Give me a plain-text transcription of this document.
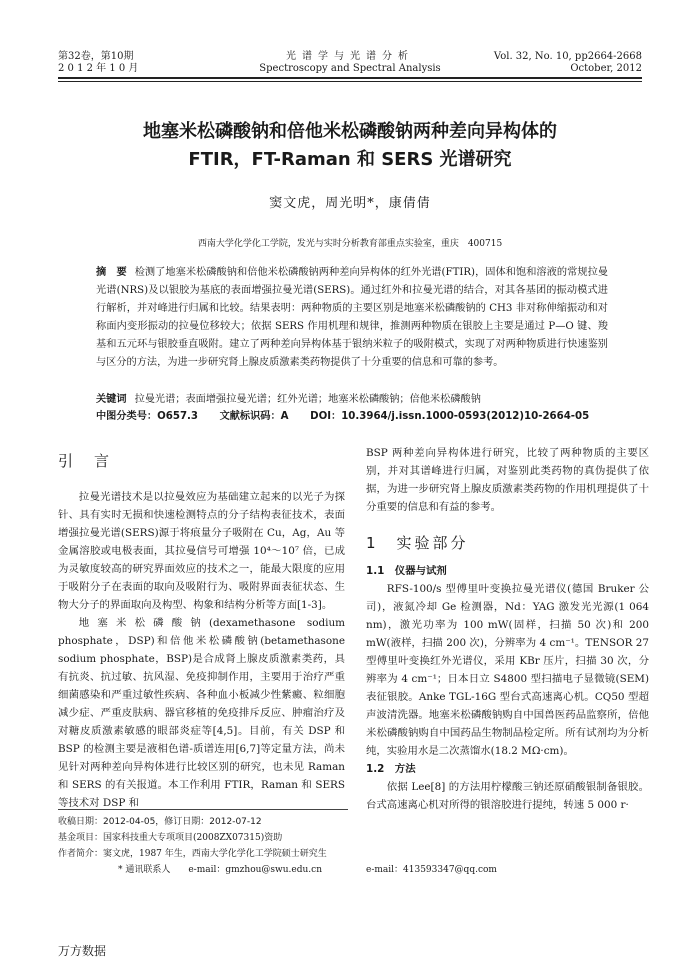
第32卷，第10期
2 0 1 2 年 1 0 月
光谱学与光谱分析
Spectroscopy and Spectral Analysis
Vol. 32, No. 10, pp2664-2668
October, 2012
地塞米松磷酸钠和倍他米松磷酸钠两种差向异构体的
FTIR，FT-Raman 和 SERS 光谱研究
窦文虎，周光明*，康倩倩
西南大学化学化工学院，发光与实时分析教育部重点实验室，重庆　400715
摘　要 检测了地塞米松磷酸钠和倍他米松磷酸钠两种差向异构体的红外光谱(FTIR)，固体和饱和溶液的常规拉曼光谱(NRS)及以银胶为基底的表面增强拉曼光谱(SERS)。通过红外和拉曼光谱的结合，对其各基团的振动模式进行解析，并对峰进行归属和比较。结果表明：两种物质的主要区别是地塞米松磷酸钠的 CH3 非对称伸缩振动和对称面内变形振动的拉曼位移较大；依据 SERS 作用机理和规律，推测两种物质在银胶上主要是通过 P—O 键、羧基和五元环与银胶垂直吸附。建立了两种差向异构体基于银纳米粒子的吸附模式，实现了对两种物质进行快速鉴别与区分的方法，为进一步研究肾上腺皮质激素类药物提供了十分重要的信息和可靠的参考。
关键词 拉曼光谱；表面增强拉曼光谱；红外光谱；地塞米松磷酸钠；倍他米松磷酸钠
中图分类号：O657.3 文献标识码：A DOI：10.3964/j.issn.1000-0593(2012)10-2664-05
引　言

拉曼光谱技术是以拉曼效应为基础建立起来的以光子为探针、具有实时无损和快速检测特点的分子结构表征技术，表面增强拉曼光谱(SERS)源于将痕量分子吸附在 Cu，Ag，Au 等金属溶胶或电极表面，其拉曼信号可增强 10⁴～10⁷ 倍，已成为灵敏度较高的研究界面效应的技术之一，能最大限度的应用于吸附分子在表面的取向及吸附行为、吸附界面表征状态、生物大分子的界面取向及构型、构象和结构分析等方面[1-3]。

地塞米松磷酸钠(dexamethasone sodium phosphate，DSP)和倍他米松磷酸钠(betamethasone sodium phosphate，BSP)是合成肾上腺皮质激素类药，具有抗炎、抗过敏、抗风湿、免疫抑制作用，主要用于治疗严重细菌感染和严重过敏性疾病、各种血小板减少性紫癜、粒细胞减少症、严重皮肤病、器官移植的免疫排斥反应、肿瘤治疗及对糖皮质激素敏感的眼部炎症等[4,5]。目前，有关 DSP 和 BSP 的检测主要是液相色谱-质谱连用[6,7]等定量方法，尚未见针对两种差向异构体进行比较区别的研究，也未见 Raman 和 SERS 的有关报道。本工作利用 FTIR，Raman 和 SERS 等技术对 DSP 和

BSP 两种差向异构体进行研究，比较了两种物质的主要区别，并对其谱峰进行归属，对鉴别此类药物的真伪提供了依据，为进一步研究肾上腺皮质激素类药物的作用机理提供了十分重要的信息和有益的参考。

1　实验部分
1.1　仪器与试剂

RFS-100/s 型傅里叶变换拉曼光谱仪(德国 Bruker 公司)，液氮冷却 Ge 检测器，Nd：YAG 激发光光源(1 064 nm)，激光功率为 100 mW(固样，扫描 50 次)和 200 mW(液样，扫描 200 次)，分辨率为 4 cm⁻¹。TENSOR 27 型傅里叶变换红外光谱仪，采用 KBr 压片，扫描 30 次，分辨率为 4 cm⁻¹；日本日立 S4800 型扫描电子显微镜(SEM)表征银胶。Anke TGL-16G 型台式高速离心机。CQ50 型超声波清洗器。地塞米松磷酸钠购自中国兽医药品监察所，倍他米松磷酸钠购自中国药品生物制品检定所。所有试剂均为分析纯，实验用水是二次蒸馏水(18.2 MΩ·cm)。

1.2　方法

依据 Lee[8] 的方法用柠檬酸三钠还原硝酸银制备银胶。台式高速离心机对所得的银溶胶进行提纯，转速 5 000 r·

收稿日期：2012-04-05，修订日期：2012-07-12
基金项目：国家科技重大专项项目(2008ZX07315)资助
作者简介：窦文虎，1987 年生，西南大学化学化工学院硕士研究生
* 通讯联系人　　e-mail：gmzhou@swu.edu.cn	e-mail：413593347@qq.com
万方数据
